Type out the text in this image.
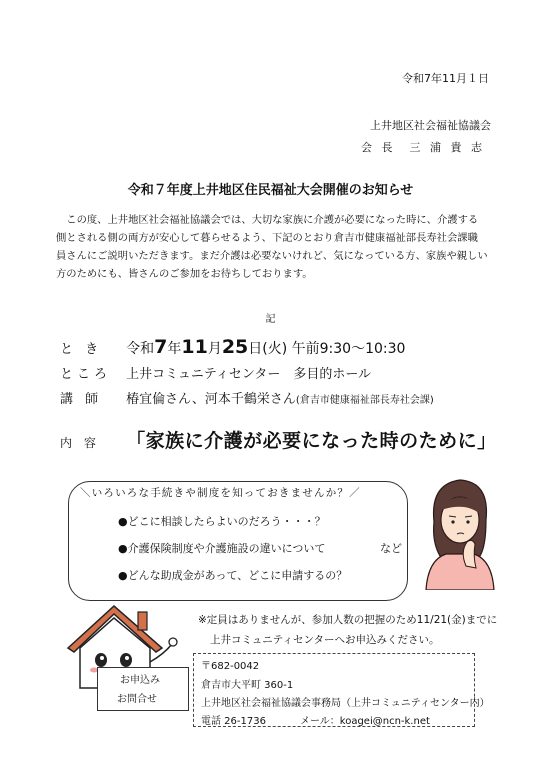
令和7年11月１日
上井地区社会福祉協議会
会 長　三 浦 貴 志
令和７年度上井地区住民福祉大会開催のお知らせ
　この度、上井地区社会福祉協議会では、大切な家族に介護が必要になった時に、介護する側とされる側の両方が安心して暮らせるよう、下記のとおり倉吉市健康福祉部長寿社会課職員さんにご説明いただきます。まだ介護は必要ないけれど、気になっている方、家族や親しい方のためにも、皆さんのご参加をお待ちしております。
記
と き 令和7年11月25日(火) 午前9:30～10:30
ところ 上井コミュニティセンター　多目的ホール
講 師 椿宜倫さん、河本千鶴栄さん(倉吉市健康福祉部長寿社会課)
内 容 「家族に介護が必要になった時のために」
＼いろいろな手続きや制度を知っておきませんか？／
●どこに相談したらよいのだろう・・・？
●介護保険制度や介護施設の違いについて
●どんな助成金があって、どこに申請するの？
など
※定員はありませんが、参加人数の把握のため11/21(金)までに
上井コミュニティセンターへお申込みください。
お申込み
お問合せ
〒682-0042
倉吉市大平町 360-1
上井地区社会福祉協議会事務局（上井コミュニティセンター内）
電話 26-1736	メール：koagei@ncn-k.net
